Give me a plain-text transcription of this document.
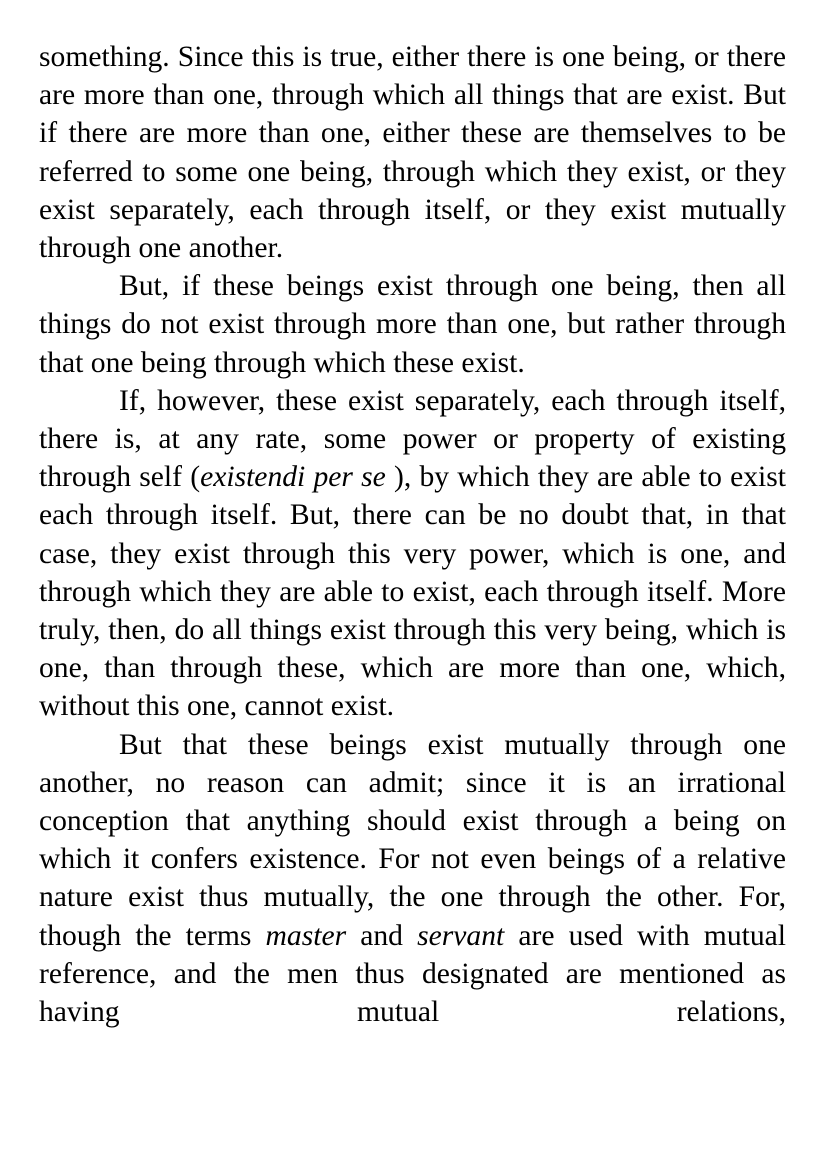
something. Since this is true, either there is one being, or there are more than one, through which all things that are exist. But if there are more than one, either these are themselves to be referred to some one being, through which they exist, or they exist separately, each through itself, or they exist mutually through one another.

But, if these beings exist through one being, then all things do not exist through more than one, but rather through that one being through which these exist.

If, however, these exist separately, each through itself, there is, at any rate, some power or property of existing through self (existendi per se ), by which they are able to exist each through itself. But, there can be no doubt that, in that case, they exist through this very power, which is one, and through which they are able to exist, each through itself. More truly, then, do all things exist through this very being, which is one, than through these, which are more than one, which, without this one, cannot exist.

But that these beings exist mutually through one another, no reason can admit; since it is an irrational conception that anything should exist through a being on which it confers existence. For not even beings of a relative nature exist thus mutually, the one through the other. For, though the terms master and servant are used with mutual reference, and the men thus designated are mentioned as having mutual relations,
